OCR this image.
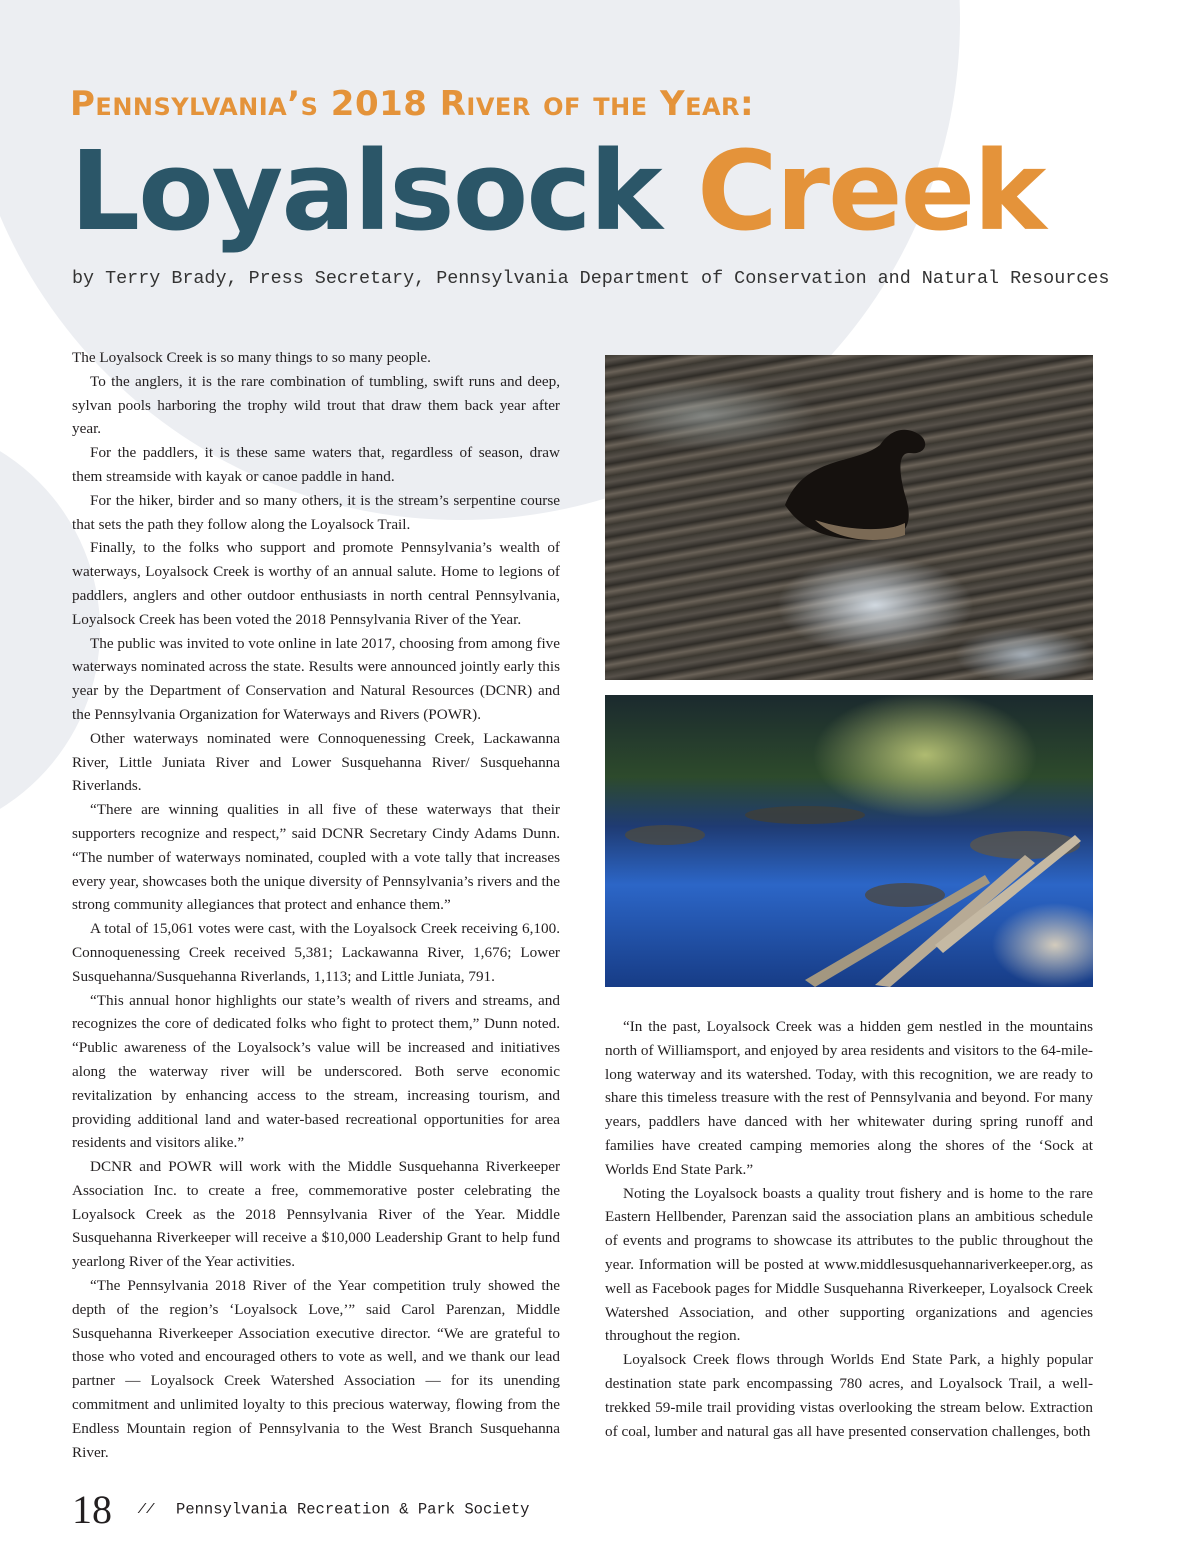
Pennsylvania’s 2018 River of the Year:
Loyalsock Creek
by Terry Brady, Press Secretary, Pennsylvania Department of Conservation and Natural Resources

The Loyalsock Creek is so many things to so many people.

To the anglers, it is the rare combination of tumbling, swift runs and deep, sylvan pools harboring the trophy wild trout that draw them back year after year.

For the paddlers, it is these same waters that, regardless of season, draw them streamside with kayak or canoe paddle in hand.

For the hiker, birder and so many others, it is the stream’s serpentine course that sets the path they follow along the Loyalsock Trail.

Finally, to the folks who support and promote Pennsylvania’s wealth of waterways, Loyalsock Creek is worthy of an annual salute. Home to legions of paddlers, anglers and other outdoor enthusiasts in north central Pennsylvania, Loyalsock Creek has been voted the 2018 Pennsylvania River of the Year.

The public was invited to vote online in late 2017, choosing from among five waterways nominated across the state. Results were announced jointly early this year by the Department of Conservation and Natural Resources (DCNR) and the Pennsylvania Organization for Waterways and Rivers (POWR).

Other waterways nominated were Connoquenessing Creek, Lackawanna River, Little Juniata River and Lower Susquehanna River/ Susquehanna Riverlands.

“There are winning qualities in all five of these waterways that their supporters recognize and respect,” said DCNR Secretary Cindy Adams Dunn. “The number of waterways nominated, coupled with a vote tally that increases every year, showcases both the unique diversity of Pennsylvania’s rivers and the strong community allegiances that protect and enhance them.”

A total of 15,061 votes were cast, with the Loyalsock Creek receiving 6,100. Connoquenessing Creek received 5,381; Lackawanna River, 1,676; Lower Susquehanna/Susquehanna Riverlands, 1,113; and Little Juniata, 791.

“This annual honor highlights our state’s wealth of rivers and streams, and recognizes the core of dedicated folks who fight to protect them,” Dunn noted. “Public awareness of the Loyalsock’s value will be increased and initiatives along the waterway river will be underscored. Both serve economic revitalization by enhancing access to the stream, increasing tourism, and providing additional land and water-based recreational opportunities for area residents and visitors alike.”

DCNR and POWR will work with the Middle Susquehanna Riverkeeper Association Inc. to create a free, commemorative poster celebrating the Loyalsock Creek as the 2018 Pennsylvania River of the Year. Middle Susquehanna Riverkeeper will receive a $10,000 Leadership Grant to help fund yearlong River of the Year activities.

“The Pennsylvania 2018 River of the Year competition truly showed the depth of the region’s ‘Loyalsock Love,’” said Carol Parenzan, Middle Susquehanna Riverkeeper Association executive director. “We are grateful to those who voted and encouraged others to vote as well, and we thank our lead partner — Loyalsock Creek Watershed Association — for its unending commitment and unlimited loyalty to this precious waterway, flowing from the Endless Mountain region of Pennsylvania to the West Branch Susquehanna River.

“In the past, Loyalsock Creek was a hidden gem nestled in the mountains north of Williamsport, and enjoyed by area residents and visitors to the 64-mile-long waterway and its watershed. Today, with this recognition, we are ready to share this timeless treasure with the rest of Pennsylvania and beyond. For many years, paddlers have danced with her whitewater during spring runoff and families have created camping memories along the shores of the ‘Sock at Worlds End State Park.”

Noting the Loyalsock boasts a quality trout fishery and is home to the rare Eastern Hellbender, Parenzan said the association plans an ambitious schedule of events and programs to showcase its attributes to the public throughout the year. Information will be posted at www.middlesusquehannariverkeeper.org, as well as Facebook pages for Middle Susquehanna Riverkeeper, Loyalsock Creek Watershed Association, and other supporting organizations and agencies throughout the region.

Loyalsock Creek flows through Worlds End State Park, a highly popular destination state park encompassing 780 acres, and Loyalsock Trail, a well-trekked 59-mile trail providing vistas overlooking the stream below. Extraction of coal, lumber and natural gas all have presented conservation challenges, both

18 // Pennsylvania Recreation & Park Society
